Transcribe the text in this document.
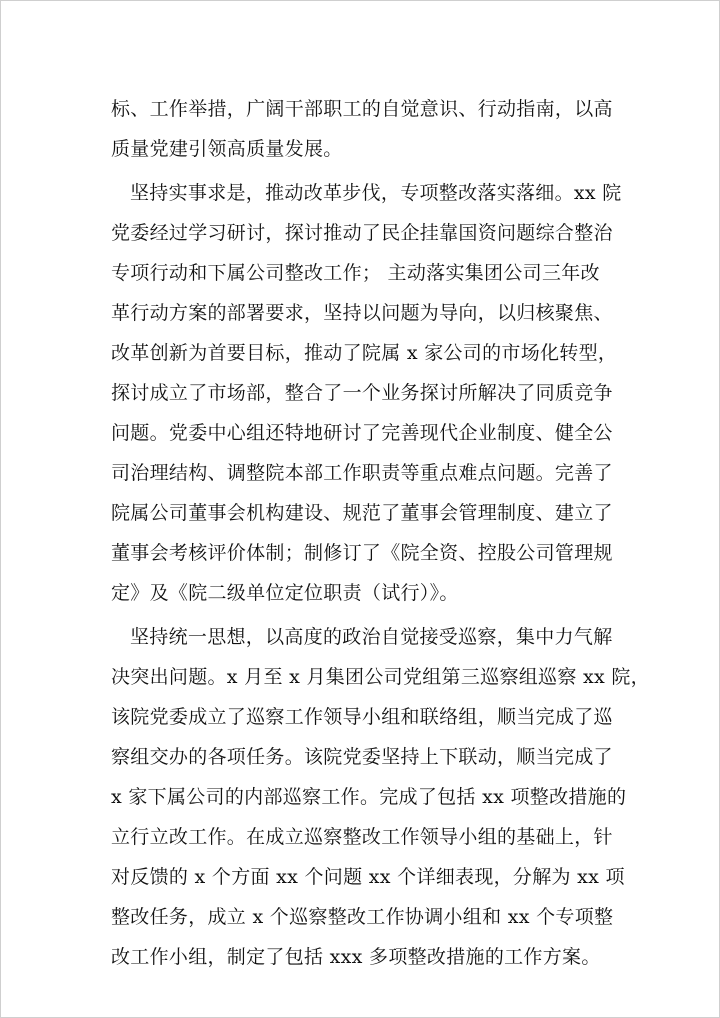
标、工作举措，广阔干部职工的自觉意识、行动指南，以高

质量党建引领高质量发展。

坚持实事求是，推动改革步伐，专项整改落实落细。xx 院

党委经过学习研讨，探讨推动了民企挂靠国资问题综合整治

专项行动和下属公司整改工作； 主动落实集团公司三年改

革行动方案的部署要求，坚持以问题为导向，以归核聚焦、

改革创新为首要目标，推动了院属 x 家公司的市场化转型，

探讨成立了市场部，整合了一个业务探讨所解决了同质竞争

问题。党委中心组还特地研讨了完善现代企业制度、健全公

司治理结构、调整院本部工作职责等重点难点问题。完善了

院属公司董事会机构建设、规范了董事会管理制度、建立了

董事会考核评价体制；制修订了《院全资、控股公司管理规

定》及《院二级单位定位职责（试行）》。

坚持统一思想，以高度的政治自觉接受巡察，集中力气解

决突出问题。x 月至 x 月集团公司党组第三巡察组巡察 xx 院，

该院党委成立了巡察工作领导小组和联络组，顺当完成了巡

察组交办的各项任务。该院党委坚持上下联动，顺当完成了

x 家下属公司的内部巡察工作。完成了包括 xx 项整改措施的

立行立改工作。在成立巡察整改工作领导小组的基础上，针

对反馈的 x 个方面 xx 个问题 xx 个详细表现，分解为 xx 项

整改任务，成立 x 个巡察整改工作协调小组和 xx 个专项整

改工作小组，制定了包括 xxx 多项整改措施的工作方案。
